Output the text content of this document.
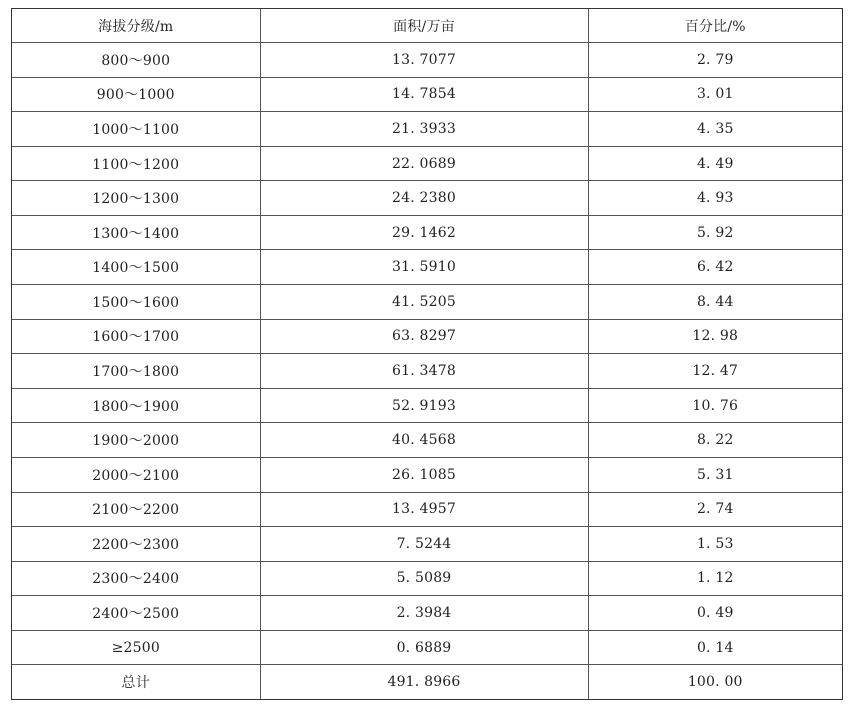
海拔分级/m	面积/万亩	百分比/%
800～900	13. 7077	2. 79
900～1000	14. 7854	3. 01
1000～1100	21. 3933	4. 35
1100～1200	22. 0689	4. 49
1200～1300	24. 2380	4. 93
1300～1400	29. 1462	5. 92
1400～1500	31. 5910	6. 42
1500～1600	41. 5205	8. 44
1600～1700	63. 8297	12. 98
1700～1800	61. 3478	12. 47
1800～1900	52. 9193	10. 76
1900～2000	40. 4568	8. 22
2000～2100	26. 1085	5. 31
2100～2200	13. 4957	2. 74
2200～2300	7. 5244	1. 53
2300～2400	5. 5089	1. 12
2400～2500	2. 3984	0. 49
≥2500	0. 6889	0. 14
总计	491. 8966	100. 00
